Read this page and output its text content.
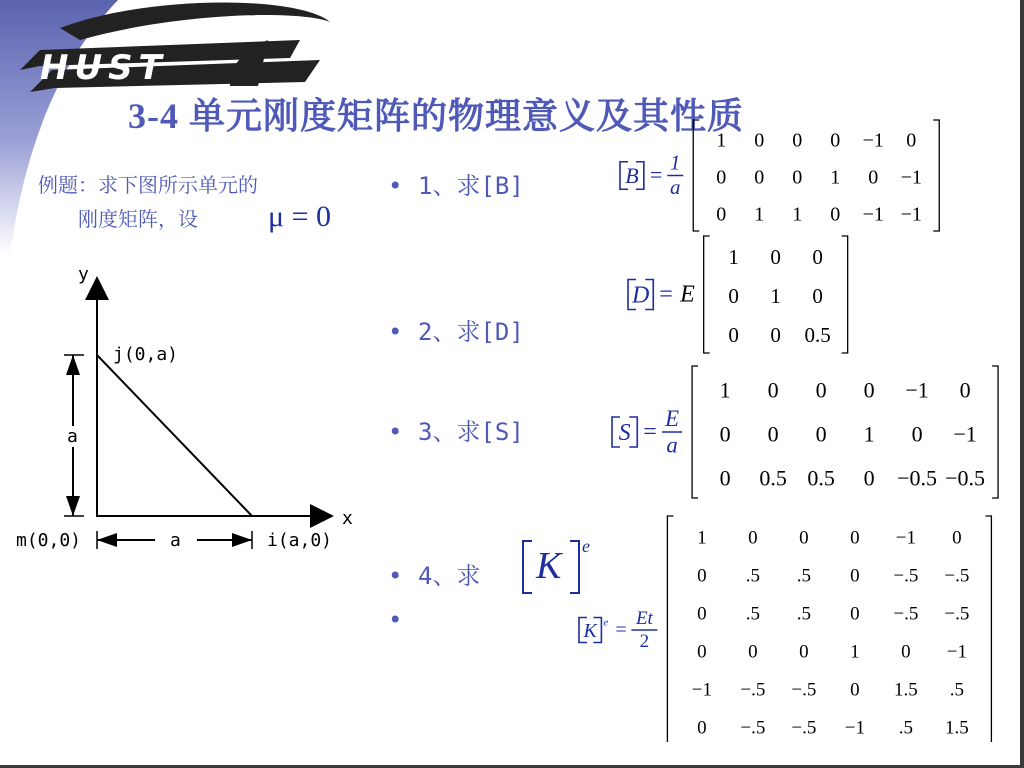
HUST
3-4 单元刚度矩阵的物理意义及其性质
例题：求下图所示单元的
刚度矩阵，设	μ = 0
y
x
j(0,a)
m(0,0)	i(a,0)
a
a
• 1、求[B]
• 2、求[D]
• 3、求[S]
• 4、求
•
K e
B = 1
a
1 0 0 0 −1 0
0 0 0 1 0 −1
0 1 1 0 −1 −1
D = E
1 0 0
0 1 0
0 0 0.5
S =
E
a
1 0 0 0 −1 0
0 0 0 1 0 −1
0 0.5 0.5 0 −0.5 −0.5
K e =
Et
2
1 0 0 0 −1 0
0 .5 .5 0 −.5 −.5
0 .5 .5 0 −.5 −.5
0 0 0 1 0 −1
−1 −.5 −.5 0 1.5 .5
0 −.5 −.5 −1 .5 1.5
